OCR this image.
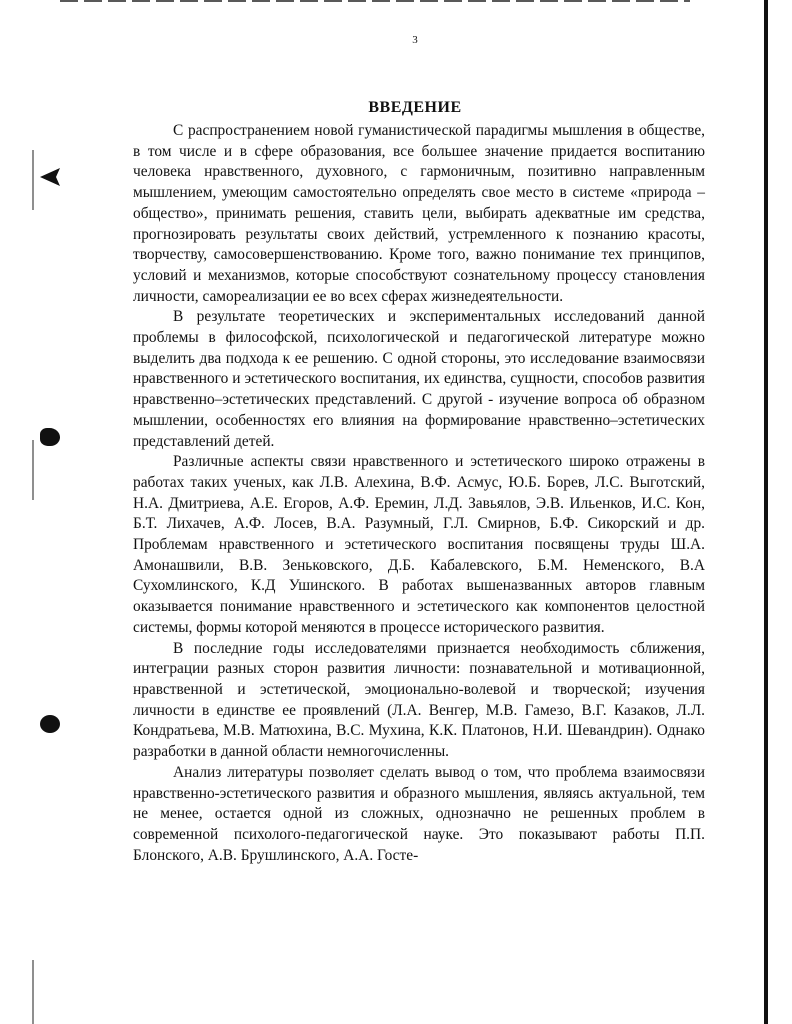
3
ВВЕДЕНИЕ

С распространением новой гуманистической парадигмы мышления в обществе, в том числе и в сфере образования, все большее значение придается воспитанию человека нравственного, духовного, с гармоничным, позитивно направленным мышлением, умеющим самостоятельно определять свое место в системе «природа – общество», принимать решения, ставить цели, выбирать адекватные им средства, прогнозировать результаты своих действий, устремленного к познанию красоты, творчеству, самосовершенствованию. Кроме того, важно понимание тех принципов, условий и механизмов, которые способствуют сознательному процессу становления личности, самореализации ее во всех сферах жизнедеятельности.

В результате теоретических и экспериментальных исследований данной проблемы в философской, психологической и педагогической литературе можно выделить два подхода к ее решению. С одной стороны, это исследование взаимосвязи нравственного и эстетического воспитания, их единства, сущности, способов развития нравственно–эстетических представлений. С другой - изучение вопроса об образном мышлении, особенностях его влияния на формирование нравственно–эстетических представлений детей.

Различные аспекты связи нравственного и эстетического широко отражены в работах таких ученых, как Л.В. Алехина, В.Ф. Асмус, Ю.Б. Борев, Л.С. Выготский, Н.А. Дмитриева, А.Е. Егоров, А.Ф. Еремин, Л.Д. Завьялов, Э.В. Ильенков, И.С. Кон, Б.Т. Лихачев, А.Ф. Лосев, В.А. Разумный, Г.Л. Смирнов, Б.Ф. Сикорский и др. Проблемам нравственного и эстетического воспитания посвящены труды Ш.А. Амонашвили, В.В. Зеньковского, Д.Б. Кабалевского, Б.М. Неменского, В.А Сухомлинского, К.Д Ушинского. В работах вышеназванных авторов главным оказывается понимание нравственного и эстетического как компонентов целостной системы, формы которой меняются в процессе исторического развития.

В последние годы исследователями признается необходимость сближения, интеграции разных сторон развития личности: познавательной и мотивационной, нравственной и эстетической, эмоционально-волевой и творческой; изучения личности в единстве ее проявлений (Л.А. Венгер, М.В. Гамезо, В.Г. Казаков, Л.Л. Кондратьева, М.В. Матюхина, В.С. Мухина, К.К. Платонов, Н.И. Шевандрин). Однако разработки в данной области немногочисленны.

Анализ литературы позволяет сделать вывод о том, что проблема взаимосвязи нравственно-эстетического развития и образного мышления, являясь актуальной, тем не менее, остается одной из сложных, однозначно не решенных проблем в современной психолого-педагогической науке. Это показывают работы П.П. Блонского, А.В. Брушлинского, А.А. Госте-
